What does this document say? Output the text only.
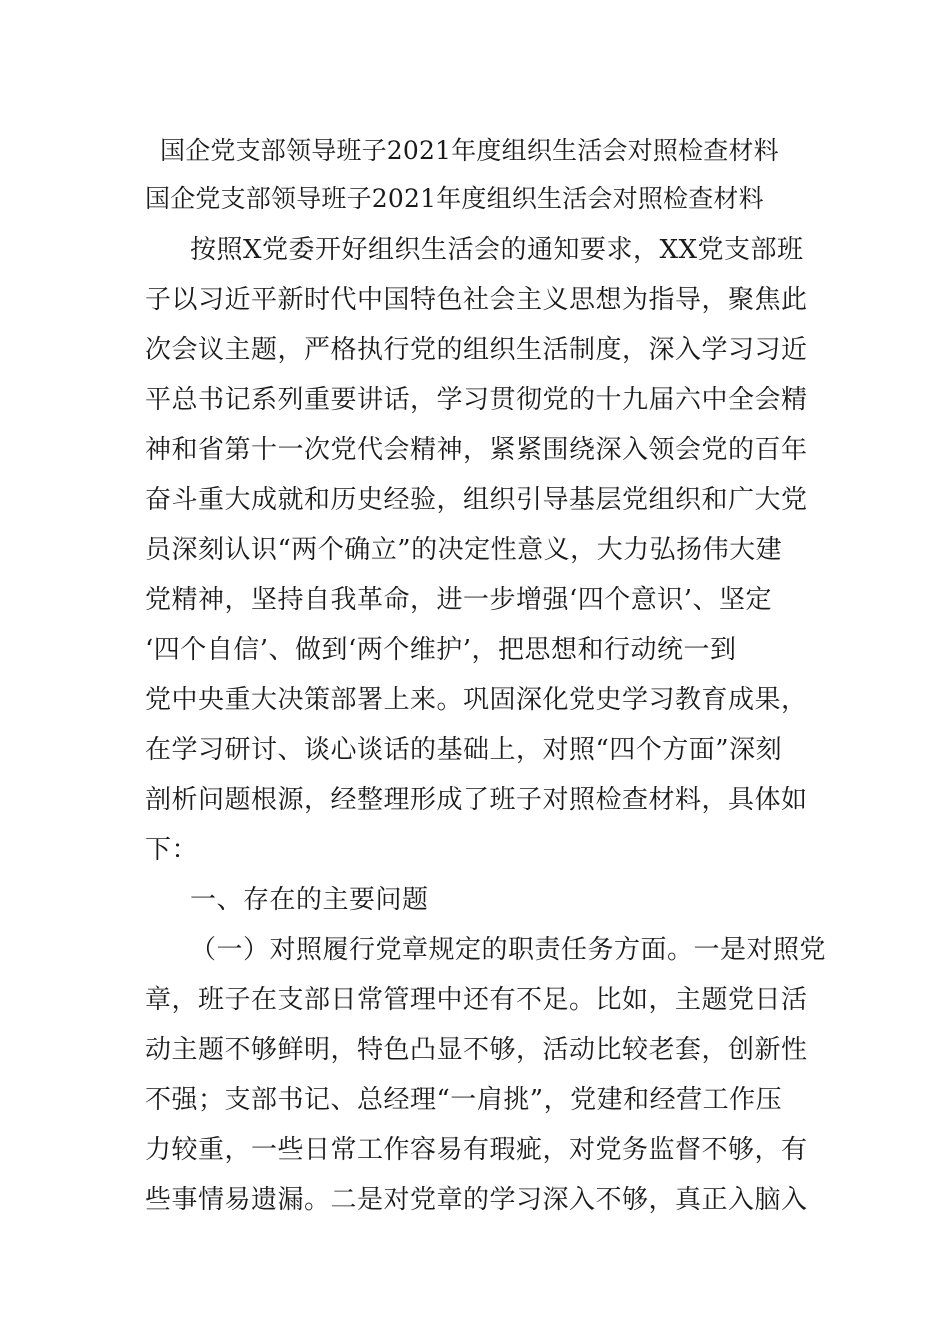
国企党支部领导班子2021年度组织生活会对照检查材料
国企党支部领导班子2021年度组织生活会对照检查材料
按照X党委开好组织生活会的通知要求，XX党支部班
子以习近平新时代中国特色社会主义思想为指导，聚焦此
次会议主题，严格执行党的组织生活制度，深入学习习近
平总书记系列重要讲话，学习贯彻党的十九届六中全会精
神和省第十一次党代会精神，紧紧围绕深入领会党的百年
奋斗重大成就和历史经验，组织引导基层党组织和广大党
员深刻认识“两个确立”的决定性意义，大力弘扬伟大建
党精神，坚持自我革命，进一步增强‘四个意识’、坚定
‘四个自信’、做到‘两个维护’，把思想和行动统一到
党中央重大决策部署上来。巩固深化党史学习教育成果，
在学习研讨、谈心谈话的基础上，对照“四个方面”深刻
剖析问题根源，经整理形成了班子对照检查材料，具体如
下：
一、存在的主要问题
（一）对照履行党章规定的职责任务方面。一是对照党
章，班子在支部日常管理中还有不足。比如，主题党日活
动主题不够鲜明，特色凸显不够，活动比较老套，创新性
不强；支部书记、总经理“一肩挑”，党建和经营工作压
力较重，一些日常工作容易有瑕疵，对党务监督不够，有
些事情易遗漏。二是对党章的学习深入不够，真正入脑入
